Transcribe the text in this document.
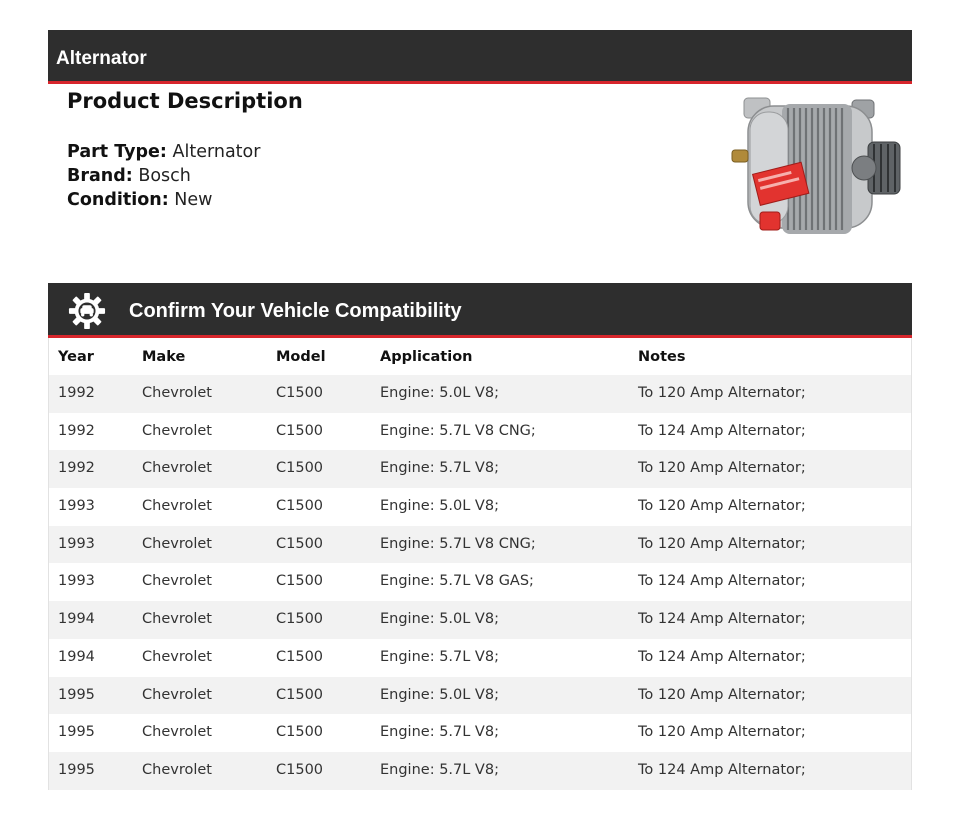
Alternator
Product Description
Part Type: Alternator
Brand: Bosch
Condition: New
Confirm Your Vehicle Compatibility
Year	Make	Model	Application	Notes
1992	Chevrolet	C1500	Engine: 5.0L V8;	To 120 Amp Alternator;
1992	Chevrolet	C1500	Engine: 5.7L V8 CNG;	To 124 Amp Alternator;
1992	Chevrolet	C1500	Engine: 5.7L V8;	To 120 Amp Alternator;
1993	Chevrolet	C1500	Engine: 5.0L V8;	To 120 Amp Alternator;
1993	Chevrolet	C1500	Engine: 5.7L V8 CNG;	To 120 Amp Alternator;
1993	Chevrolet	C1500	Engine: 5.7L V8 GAS;	To 124 Amp Alternator;
1994	Chevrolet	C1500	Engine: 5.0L V8;	To 124 Amp Alternator;
1994	Chevrolet	C1500	Engine: 5.7L V8;	To 124 Amp Alternator;
1995	Chevrolet	C1500	Engine: 5.0L V8;	To 120 Amp Alternator;
1995	Chevrolet	C1500	Engine: 5.7L V8;	To 120 Amp Alternator;
1995	Chevrolet	C1500	Engine: 5.7L V8;	To 124 Amp Alternator;
